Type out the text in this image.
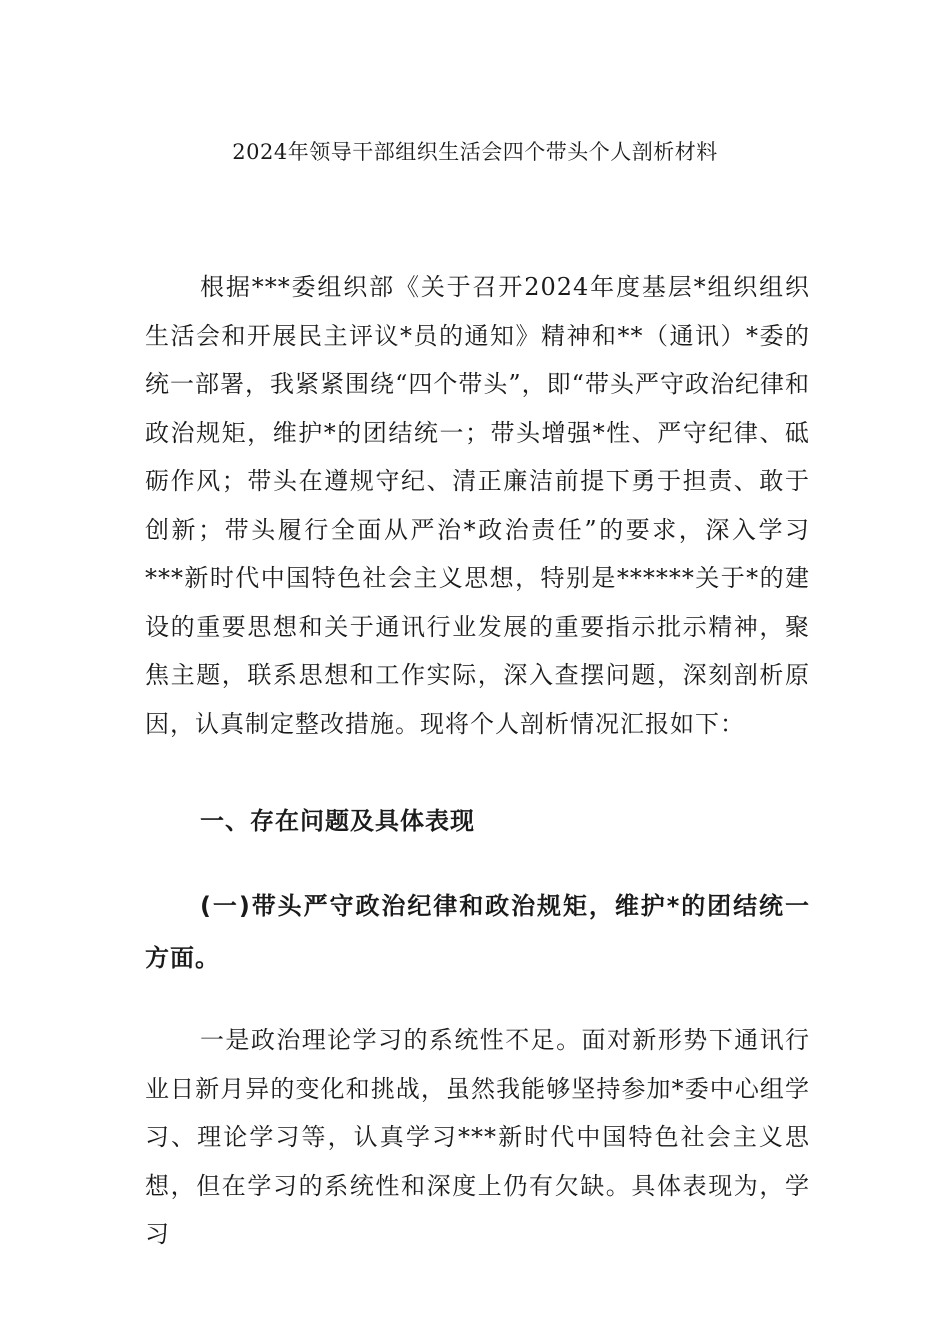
2024年领导干部组织生活会四个带头个人剖析材料

根据***委组织部《关于召开2024年度基层*组织组织生活会和开展民主评议*员的通知》精神和**（通讯）*委的统一部署，我紧紧围绕“四个带头”，即“带头严守政治纪律和政治规矩，维护*的团结统一；带头增强*性、严守纪律、砥砺作风；带头在遵规守纪、清正廉洁前提下勇于担责、敢于创新；带头履行全面从严治*政治责任”的要求，深入学习***新时代中国特色社会主义思想，特别是******关于*的建设的重要思想和关于通讯行业发展的重要指示批示精神，聚焦主题，联系思想和工作实际，深入查摆问题，深刻剖析原因，认真制定整改措施。现将个人剖析情况汇报如下：

一、存在问题及具体表现
(一)带头严守政治纪律和政治规矩，维护*的团结统一方面。

一是政治理论学习的系统性不足。面对新形势下通讯行业日新月异的变化和挑战，虽然我能够坚持参加*委中心组学习、理论学习等，认真学习***新时代中国特色社会主义思想，但在学习的系统性和深度上仍有欠缺。具体表现为，学习
